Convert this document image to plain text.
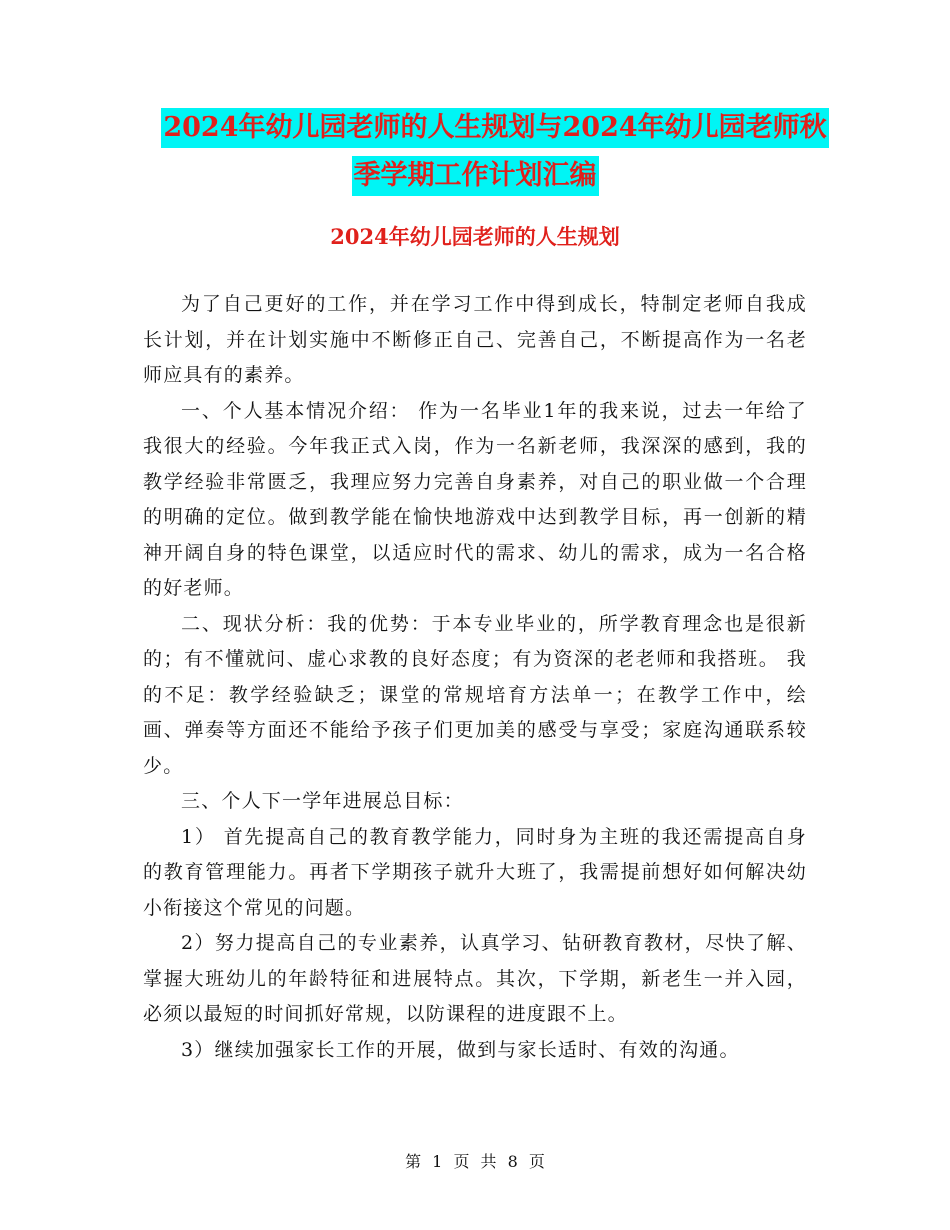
2024年幼儿园老师的人生规划与2024年幼儿园老师秋
季学期工作计划汇编
2024年幼儿园老师的人生规划

为了自己更好的工作，并在学习工作中得到成长，特制定老师自我成长计划，并在计划实施中不断修正自己、完善自己，不断提高作为一名老师应具有的素养。

一、个人基本情况介绍： 作为一名毕业1年的我来说，过去一年给了我很大的经验。今年我正式入岗，作为一名新老师，我深深的感到，我的教学经验非常匮乏，我理应努力完善自身素养，对自己的职业做一个合理的明确的定位。做到教学能在愉快地游戏中达到教学目标，再一创新的精神开阔自身的特色课堂，以适应时代的需求、幼儿的需求，成为一名合格的好老师。

二、现状分析：我的优势：于本专业毕业的，所学教育理念也是很新的；有不懂就问、虚心求教的良好态度；有为资深的老老师和我搭班。 我的不足：教学经验缺乏；课堂的常规培育方法单一；在教学工作中，绘画、弹奏等方面还不能给予孩子们更加美的感受与享受；家庭沟通联系较少。

三、个人下一学年进展总目标：

1） 首先提高自己的教育教学能力，同时身为主班的我还需提高自身的教育管理能力。再者下学期孩子就升大班了，我需提前想好如何解决幼小衔接这个常见的问题。

2）努力提高自己的专业素养，认真学习、钻研教育教材，尽快了解、掌握大班幼儿的年龄特征和进展特点。其次，下学期，新老生一并入园，必须以最短的时间抓好常规，以防课程的进度跟不上。

3）继续加强家长工作的开展，做到与家长适时、有效的沟通。

第 1 页 共 8 页
